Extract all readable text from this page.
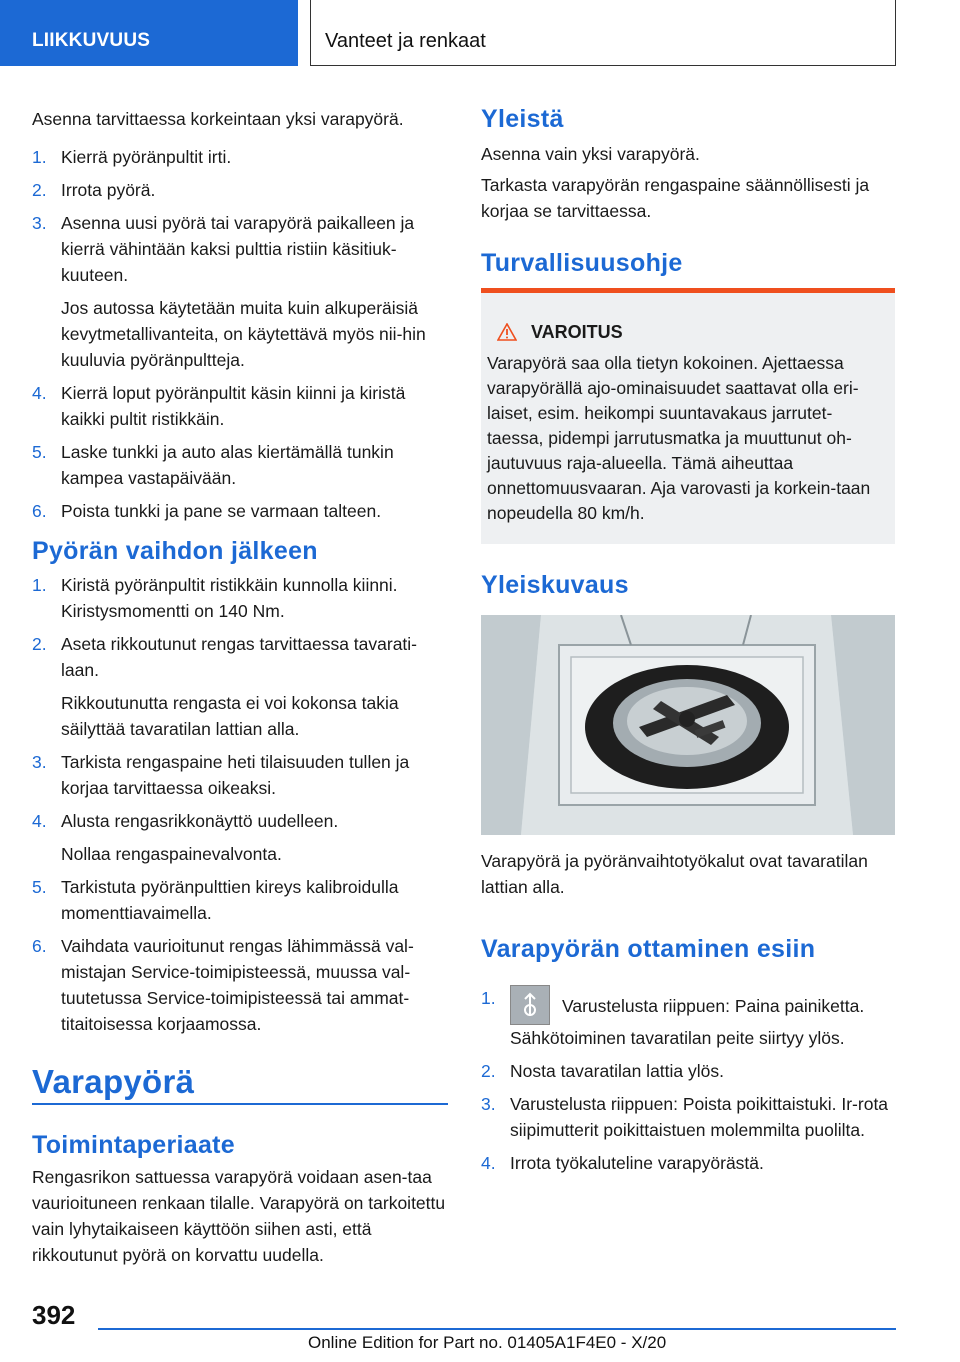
LIIKKUVUUS	Vanteet ja renkaat

Asenna tarvittaessa korkeintaan yksi varapyörä.

1. Kierrä pyöränpultit irti.
2. Irrota pyörä.
3. Asenna uusi pyörä tai varapyörä paikalleen ja kierrä vähintään kaksi pulttia ristiin käsitiuk-kuuteen.
Jos autossa käytetään muita kuin alkuperäisiä kevytmetallivanteita, on käytettävä myös nii-hin kuuluvia pyöränpultteja.
4. Kierrä loput pyöränpultit käsin kiinni ja kiristä kaikki pultit ristikkäin.
5. Laske tunkki ja auto alas kiertämällä tunkin kampea vastapäivään.
6. Poista tunkki ja pane se varmaan talteen.
Pyörän vaihdon jälkeen
1. Kiristä pyöränpultit ristikkäin kunnolla kiinni. Kiristysmomentti on 140 Nm.
2. Aseta rikkoutunut rengas tarvittaessa tavarati-laan.
Rikkoutunutta rengasta ei voi kokonsa takia säilyttää tavaratilan lattian alla.
3. Tarkista rengaspaine heti tilaisuuden tullen ja korjaa tarvittaessa oikeaksi.
4. Alusta rengasrikkonäyttö uudelleen.
Nollaa rengaspainevalvonta.
5. Tarkistuta pyöränpulttien kireys kalibroidulla momenttiavaimella.
6. Vaihdata vaurioitunut rengas lähimmässä val-mistajan Service-toimipisteessä, muussa val-tuutetussa Service-toimipisteessä tai ammat-titaitoisessa korjaamossa.
Varapyörä
Toimintaperiaate

Rengasrikon sattuessa varapyörä voidaan asen-taa vaurioituneen renkaan tilalle. Varapyörä on tarkoitettu vain lyhytaikaiseen käyttöön siihen asti, että rikkoutunut pyörä on korvattu uudella.

Yleistä

Asenna vain yksi varapyörä.

Tarkasta varapyörän rengaspaine säännöllisesti ja korjaa se tarvittaessa.

Turvallisuusohje
VAROITUS
Varapyörä saa olla tietyn kokoinen. Ajettaessa varapyörällä ajo-ominaisuudet saattavat olla eri-laiset, esim. heikompi suuntavakaus jarrutet-taessa, pidempi jarrutusmatka ja muuttunut oh-jautuvuus raja-alueella. Tämä aiheuttaa onnettomuusvaaran. Aja varovasti ja korkein-taan nopeudella 80 km/h.
Yleiskuvaus

Varapyörä ja pyöränvaihtotyökalut ovat tavaratilan lattian alla.

Varapyörän ottaminen esiin
1.	Varustelusta riippuen: Paina painiketta. Sähkötoiminen tavaratilan peite siirtyy ylös.
2. Nosta tavaratilan lattia ylös.
3. Varustelusta riippuen: Poista poikittaistuki. Ir-rota siipimutterit poikittaistuen molemmilta puolilta.
4. Irrota työkaluteline varapyörästä.
392
Online Edition for Part no. 01405A1F4E0 - X/20
